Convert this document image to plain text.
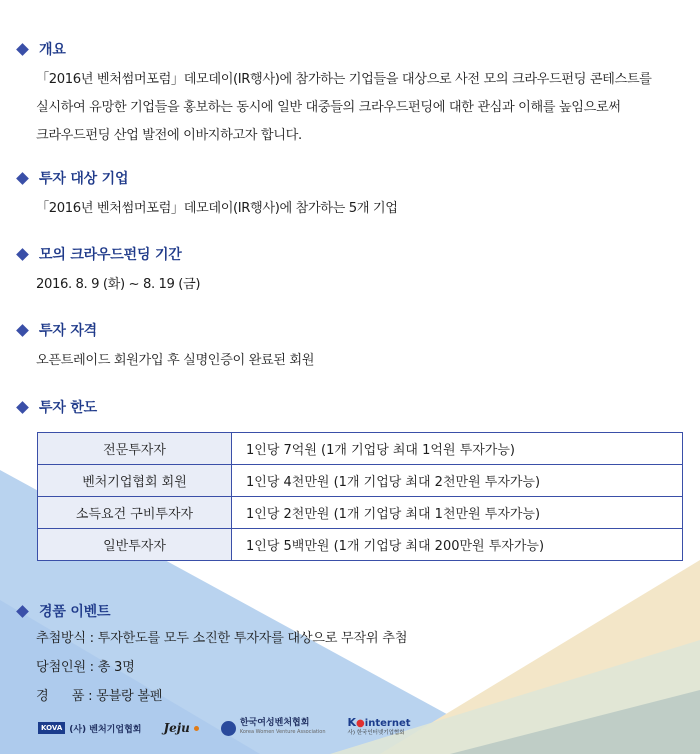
개요
「2016년 벤처썸머포럼」데모데이(IR행사)에 참가하는 기업들을 대상으로 사전 모의 크라우드펀딩 콘테스트를
실시하여 유망한 기업들을 홍보하는 동시에 일반 대중들의 크라우드펀딩에 대한 관심과 이해를 높임으로써
크라우드펀딩 산업 발전에 이바지하고자 합니다.
투자 대상 기업
「2016년 벤처썸머포럼」데모데이(IR행사)에 참가하는 5개 기업
모의 크라우드펀딩 기간
2016. 8. 9 (화) ~ 8. 19 (금)
투자 자격
오픈트레이드 회원가입 후 실명인증이 완료된 회원
투자 한도
전문투자자	1인당 7억원 (1개 기업당 최대 1억원 투자가능)
벤처기업협회 회원	1인당 4천만원 (1개 기업당 최대 2천만원 투자가능)
소득요건 구비투자자	1인당 2천만원 (1개 기업당 최대 1천만원 투자가능)
일반투자자	1인당 5백만원 (1개 기업당 최대 200만원 투자가능)
경품 이벤트
추첨방식 : 투자한도를 모두 소진한 투자자를 대상으로 무작위 추첨
당첨인원 : 총 3명
경      품 : 몽블랑 볼펜
KOVA (사) 벤처기업협회 Jeju	한국여성벤처협회
Korea Women Venture Association
K●internet
사) 한국인터넷기업협회
